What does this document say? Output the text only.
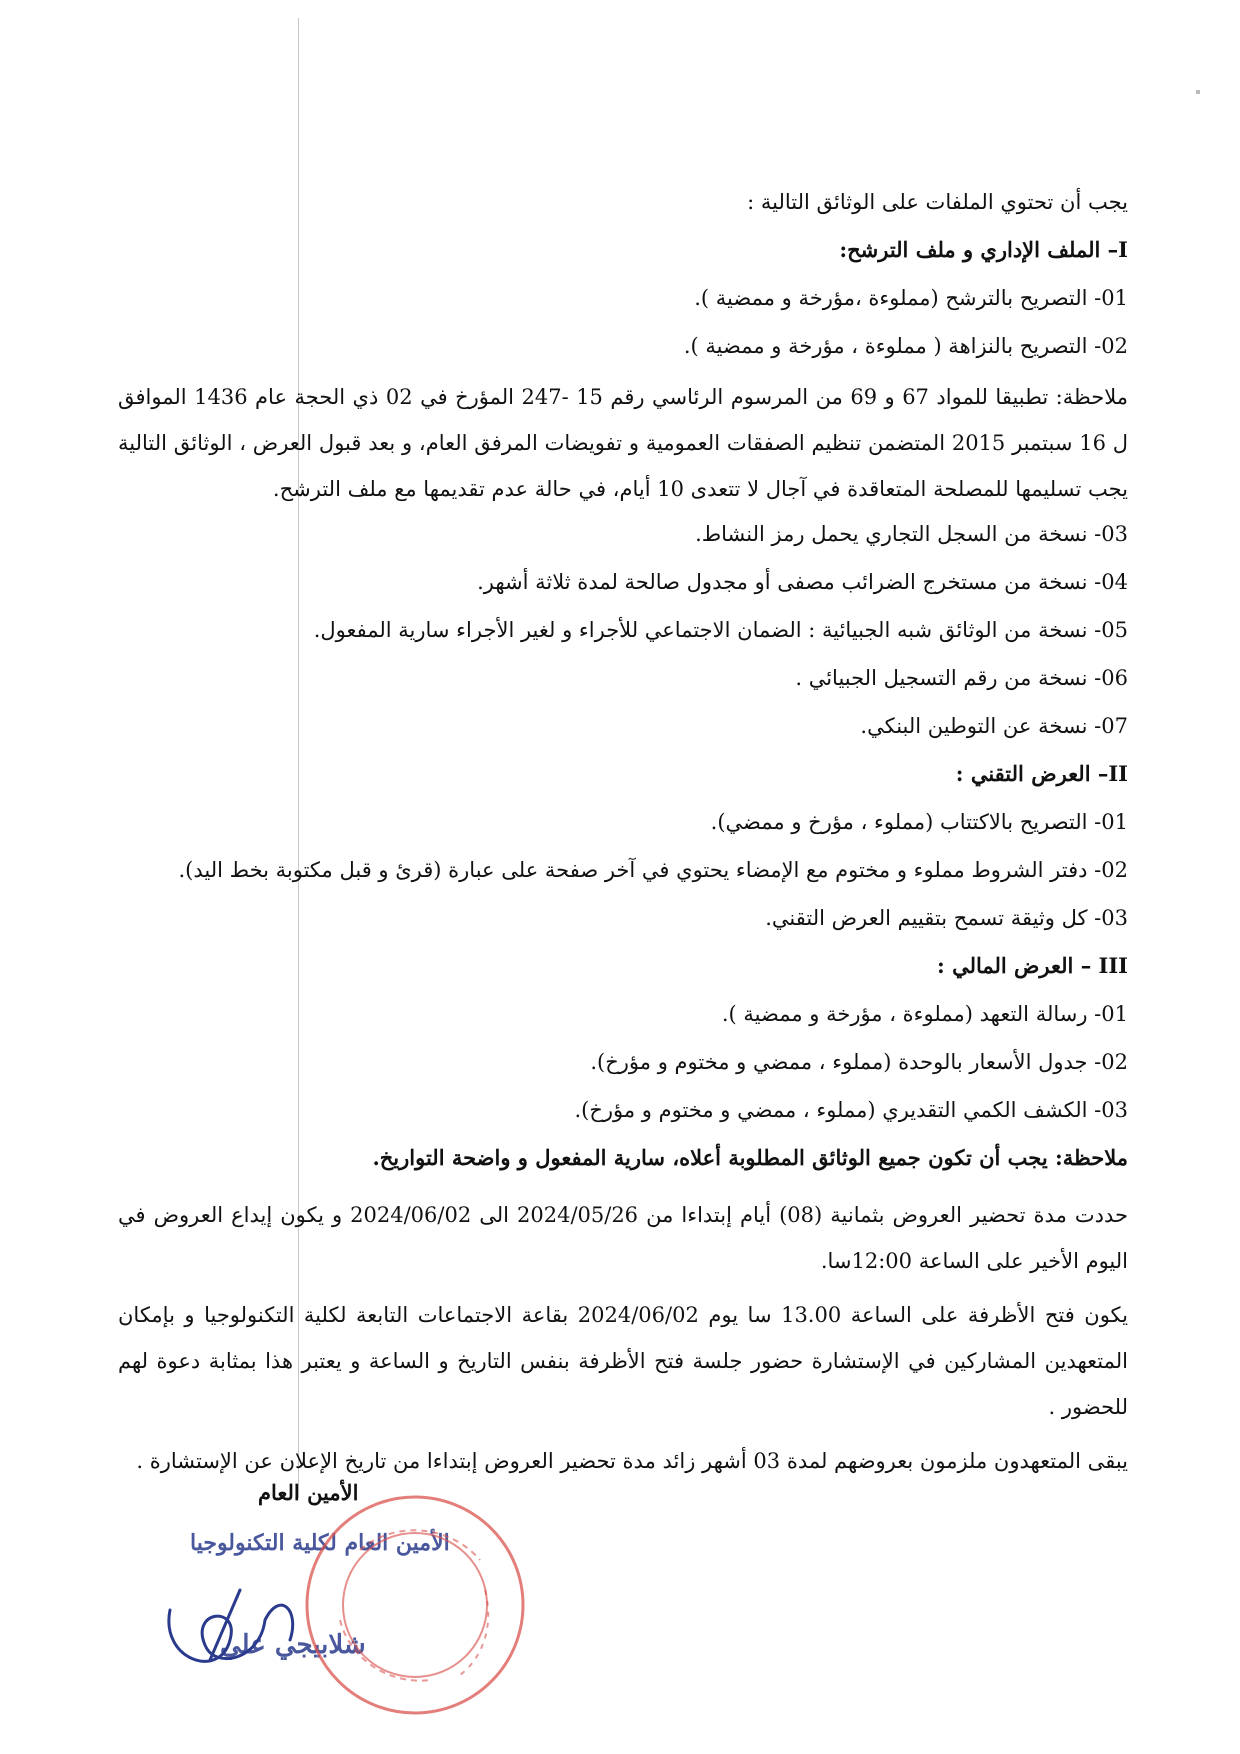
يجب أن تحتوي الملفات على الوثائق التالية :

I– الملف الإداري و ملف الترشح:

01- التصريح بالترشح (مملوءة ،مؤرخة و ممضية ).

02- التصريح بالنزاهة ( مملوءة ، مؤرخة و ممضية ).

ملاحظة: تطبيقا للمواد 67 و 69 من المرسوم الرئاسي رقم 15 -247 المؤرخ في 02 ذي الحجة عام 1436 الموافق ل 16 سبتمبر 2015 المتضمن تنظيم الصفقات العمومية و تفويضات المرفق العام، و بعد قبول العرض ، الوثائق التالية يجب تسليمها للمصلحة المتعاقدة في آجال لا تتعدى 10 أيام، في حالة عدم تقديمها مع ملف الترشح.

03- نسخة من السجل التجاري يحمل رمز النشاط.

04- نسخة من مستخرج الضرائب مصفى أو مجدول صالحة لمدة ثلاثة أشهر.

05- نسخة من الوثائق شبه الجبيائية : الضمان الاجتماعي للأجراء و لغير الأجراء سارية المفعول.

06- نسخة من رقم التسجيل الجبيائي .

07- نسخة عن التوطين البنكي.

II– العرض التقني :

01- التصريح بالاكتتاب (مملوء ، مؤرخ و ممضي).

02- دفتر الشروط مملوء و مختوم مع الإمضاء يحتوي في آخر صفحة على عبارة (قرئ و قبل مكتوبة بخط اليد).

03- كل وثيقة تسمح بتقييم العرض التقني.

III – العرض المالي :

01- رسالة التعهد (مملوءة ، مؤرخة و ممضية ).

02- جدول الأسعار بالوحدة (مملوء ، ممضي و مختوم و مؤرخ).

03- الكشف الكمي التقديري (مملوء ، ممضي و مختوم و مؤرخ).

ملاحظة: يجب أن تكون جميع الوثائق المطلوبة أعلاه، سارية المفعول و واضحة التواريخ.

حددت مدة تحضير العروض بثمانية (08) أيام إبتداءا من 2024/05/26 الى 2024/06/02 و يكون إيداع العروض في اليوم الأخير على الساعة 12:00سا.

يكون فتح الأظرفة على الساعة 13.00 سا يوم 2024/06/02 بقاعة الاجتماعات التابعة لكلية التكنولوجيا و بإمكان المتعهدين المشاركين في الإستشارة حضور جلسة فتح الأظرفة بنفس التاريخ و الساعة و يعتبر هذا بمثابة دعوة لهم للحضور .

يبقى المتعهدون ملزمون بعروضهم لمدة 03 أشهر زائد مدة تحضير العروض إبتداءا من تاريخ الإعلان عن الإستشارة .

الأمين العام
الأمين العام لكلية التكنولوجيا
شلابيجي علي
